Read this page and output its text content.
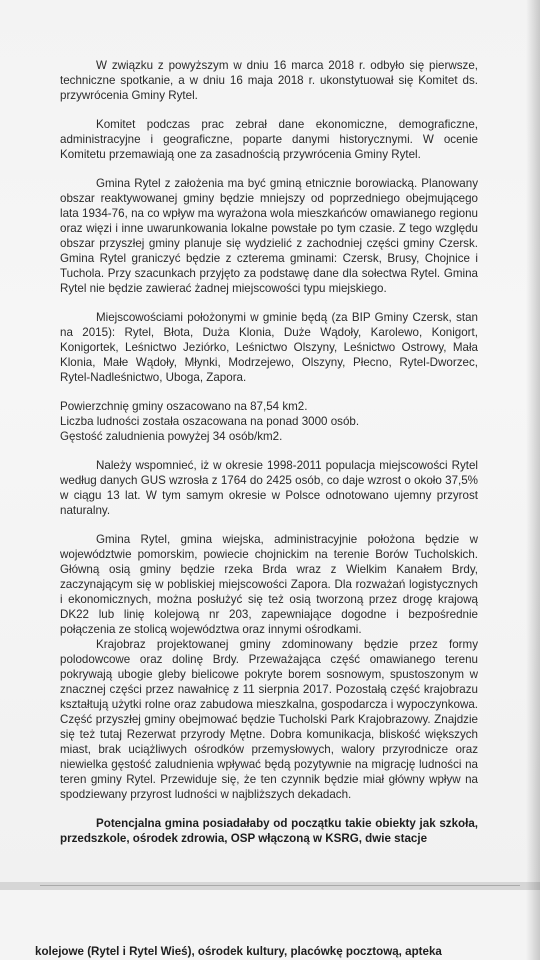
W związku z powyższym w dniu 16 marca 2018 r. odbyło się pierwsze, techniczne spotkanie, a w dniu 16 maja 2018 r. ukonstytuował się Komitet ds. przywrócenia Gminy Rytel.

Komitet podczas prac zebrał dane ekonomiczne, demograficzne, administracyjne i geograficzne, poparte danymi historycznymi. W ocenie Komitetu przemawiają one za zasadnością przywrócenia Gminy Rytel.

Gmina Rytel z założenia ma być gminą etnicznie borowiacką. Planowany obszar reaktywowanej gminy będzie mniejszy od poprzedniego obejmującego lata 1934-76, na co wpływ ma wyrażona wola mieszkańców omawianego regionu oraz więzi i inne uwarunkowania lokalne powstałe po tym czasie. Z tego względu obszar przyszłej gminy planuje się wydzielić z zachodniej części gminy Czersk. Gmina Rytel graniczyć będzie z czterema gminami: Czersk, Brusy, Chojnice i Tuchola. Przy szacunkach przyjęto za podstawę dane dla sołectwa Rytel. Gmina Rytel nie będzie zawierać żadnej miejscowości typu miejskiego.

Miejscowościami położonymi w gminie będą (za BIP Gminy Czersk, stan na 2015): Rytel, Błota, Duża Klonia, Duże Wądoły, Karolewo, Konigort, Konigortek, Leśnictwo Jeziórko, Leśnictwo Olszyny, Leśnictwo Ostrowy, Mała Klonia, Małe Wądoły, Młynki, Modrzejewo, Olszyny, Płecno, Rytel-Dworzec, Rytel-Nadleśnictwo, Uboga, Zapora.

Powierzchnię gminy oszacowano na 87,54 km2.

Liczba ludności została oszacowana na ponad 3000 osób.

Gęstość zaludnienia powyżej 34 osób/km2.

Należy wspomnieć, iż w okresie 1998-2011 populacja miejscowości Rytel według danych GUS wzrosła z 1764 do 2425 osób, co daje wzrost o około 37,5% w ciągu 13 lat. W tym samym okresie w Polsce odnotowano ujemny przyrost naturalny.

Gmina Rytel, gmina wiejska, administracyjnie położona będzie w województwie pomorskim, powiecie chojnickim na terenie Borów Tucholskich. Główną osią gminy będzie rzeka Brda wraz z Wielkim Kanałem Brdy, zaczynającym się w pobliskiej miejscowości Zapora. Dla rozważań logistycznych i ekonomicznych, można posłużyć się też osią tworzoną przez drogę krajową DK22 lub linię kolejową nr 203, zapewniające dogodne i bezpośrednie połączenia ze stolicą województwa oraz innymi ośrodkami.

Krajobraz projektowanej gminy zdominowany będzie przez formy polodowcowe oraz dolinę Brdy. Przeważająca część omawianego terenu pokrywają ubogie gleby bielicowe pokryte borem sosnowym, spustoszonym w znacznej części przez nawałnicę z 11 sierpnia 2017. Pozostałą część krajobrazu kształtują użytki rolne oraz zabudowa mieszkalna, gospodarcza i wypoczynkowa. Część przyszłej gminy obejmować będzie Tucholski Park Krajobrazowy. Znajdzie się też tutaj Rezerwat przyrody Mętne. Dobra komunikacja, bliskość większych miast, brak uciążliwych ośrodków przemysłowych, walory przyrodnicze oraz niewielka gęstość zaludnienia wpływać będą pozytywnie na migrację ludności na teren gminy Rytel. Przewiduje się, że ten czynnik będzie miał główny wpływ na spodziewany przyrost ludności w najbliższych dekadach.

Potencjalna gmina posiadałaby od początku takie obiekty jak szkoła, przedszkole, ośrodek zdrowia, OSP włączoną w KSRG, dwie stacje

kolejowe (Rytel i Rytel Wieś), ośrodek kultury, placówkę pocztową, apteka
